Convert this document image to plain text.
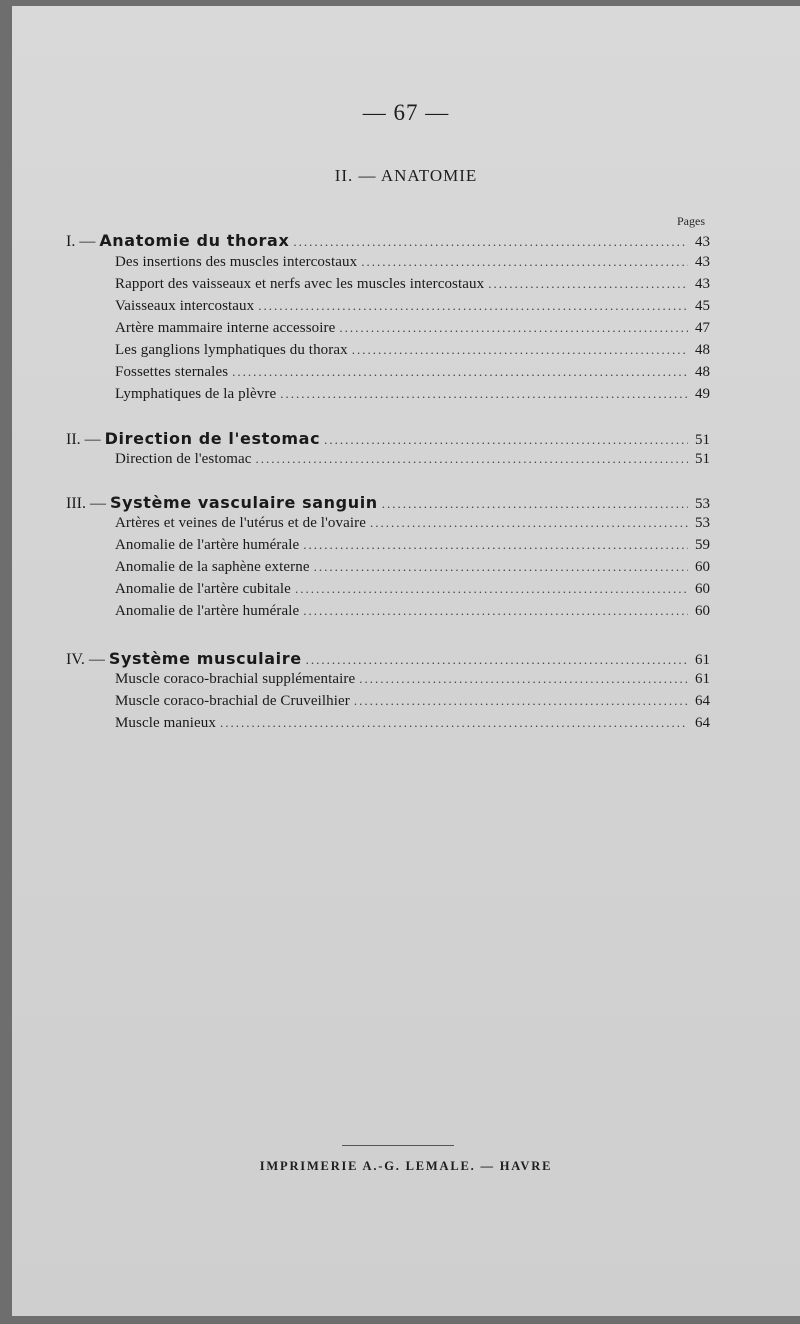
— 67 —
II. — ANATOMIE
Pages
I. — Anatomie du thorax .....	43
Des insertions des muscles intercostaux .....	43
Rapport des vaisseaux et nerfs avec les muscles intercostaux .....	43
Vaisseaux intercostaux .....	45
Artère mammaire interne accessoire .....	47
Les ganglions lymphatiques du thorax .....	48
Fossettes sternales .....	48
Lymphatiques de la plèvre .....	49
II. — Direction de l'estomac .....	51
Direction de l'estomac .....	51
III. — Système vasculaire sanguin .....	53
Artères et veines de l'utérus et de l'ovaire .....	53
Anomalie de l'artère humérale .....	59
Anomalie de la saphène externe .....	60
Anomalie de l'artère cubitale .....	60
Anomalie de l'artère humérale .....	60
IV. — Système musculaire .....	61
Muscle coraco-brachial supplémentaire .....	61
Muscle coraco-brachial de Cruveilhier .....	64
Muscle manieux .....	64
IMPRIMERIE A.-G. LEMALE. — HAVRE
